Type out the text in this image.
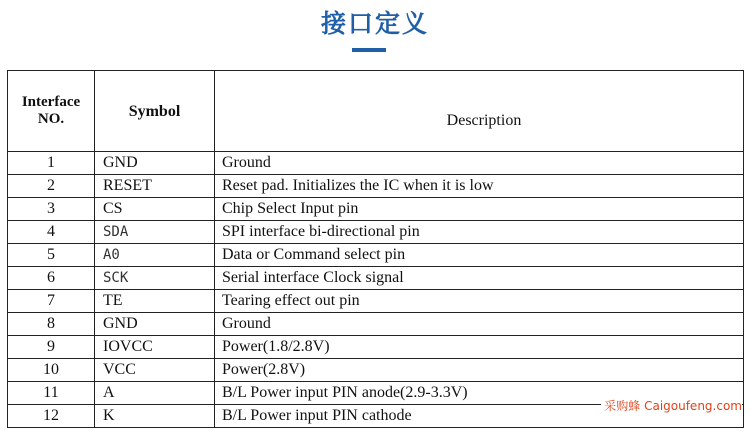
接口定义
Interface NO.	Symbol	Description
1	GND	Ground
2	RESET	Reset pad. Initializes the IC when it is low
3	CS	Chip Select Input pin
4	SDA	SPI interface bi-directional pin
5	A0	Data or Command select pin
6	SCK	Serial interface Clock signal
7	TE	Tearing effect out pin
8	GND	Ground
9	IOVCC	Power(1.8/2.8V)
10	VCC	Power(2.8V)
11	A	B/L Power input PIN anode(2.9-3.3V)
12	K	B/L Power input PIN cathode
采购蜂 Caigoufeng.com
